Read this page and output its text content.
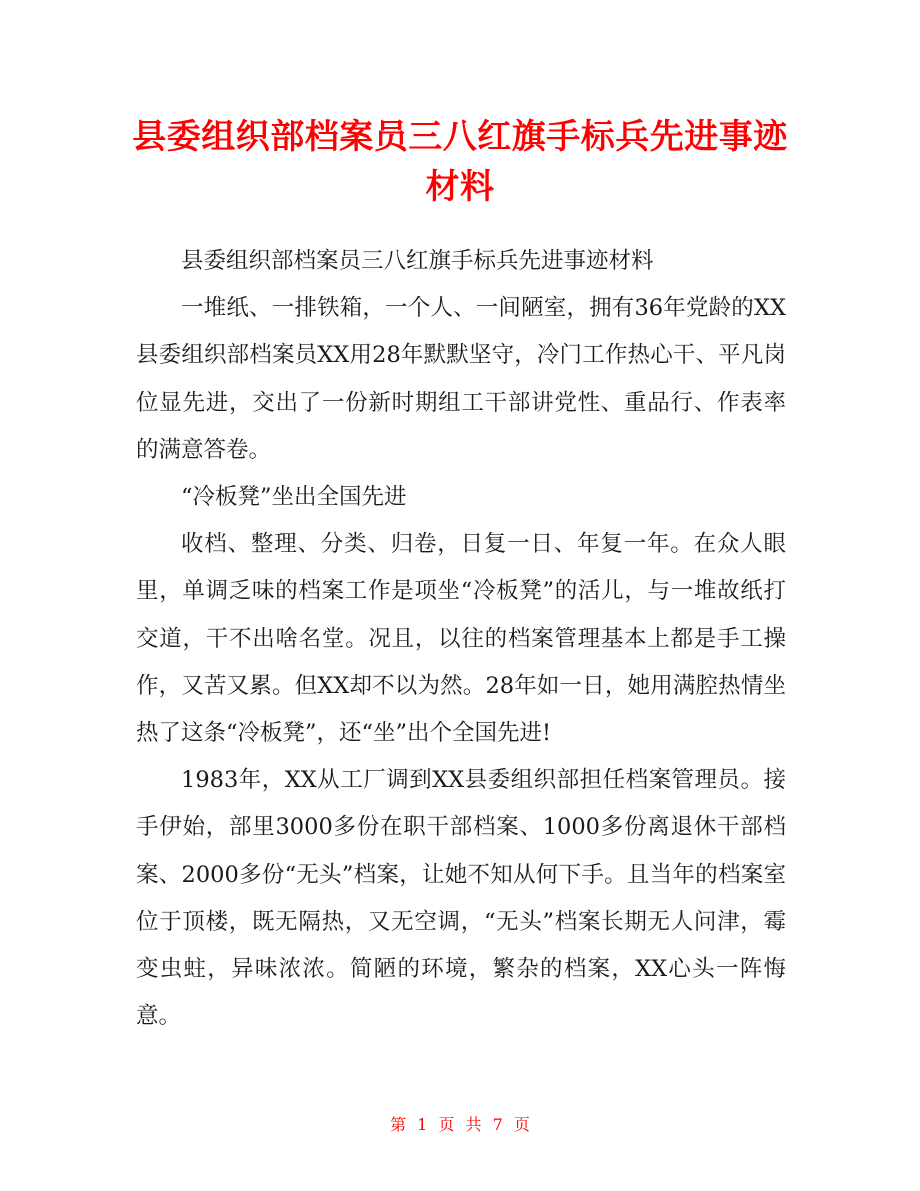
县委组织部档案员三八红旗手标兵先进事迹材料

县委组织部档案员三八红旗手标兵先进事迹材料

一堆纸、一排铁箱，一个人、一间陋室，拥有36年党龄的XX县委组织部档案员XX用28年默默坚守，冷门工作热心干、平凡岗位显先进，交出了一份新时期组工干部讲党性、重品行、作表率的满意答卷。

“冷板凳”坐出全国先进

收档、整理、分类、归卷，日复一日、年复一年。在众人眼里，单调乏味的档案工作是项坐“冷板凳”的活儿，与一堆故纸打交道，干不出啥名堂。况且，以往的档案管理基本上都是手工操作，又苦又累。但XX却不以为然。28年如一日，她用满腔热情坐热了这条“冷板凳”，还“坐”出个全国先进!

1983年，XX从工厂调到XX县委组织部担任档案管理员。接手伊始，部里3000多份在职干部档案、1000多份离退休干部档案、2000多份“无头”档案，让她不知从何下手。且当年的档案室位于顶楼，既无隔热，又无空调，“无头”档案长期无人问津，霉变虫蛀，异味浓浓。简陋的环境，繁杂的档案，XX心头一阵悔意。

第 1 页 共 7 页
